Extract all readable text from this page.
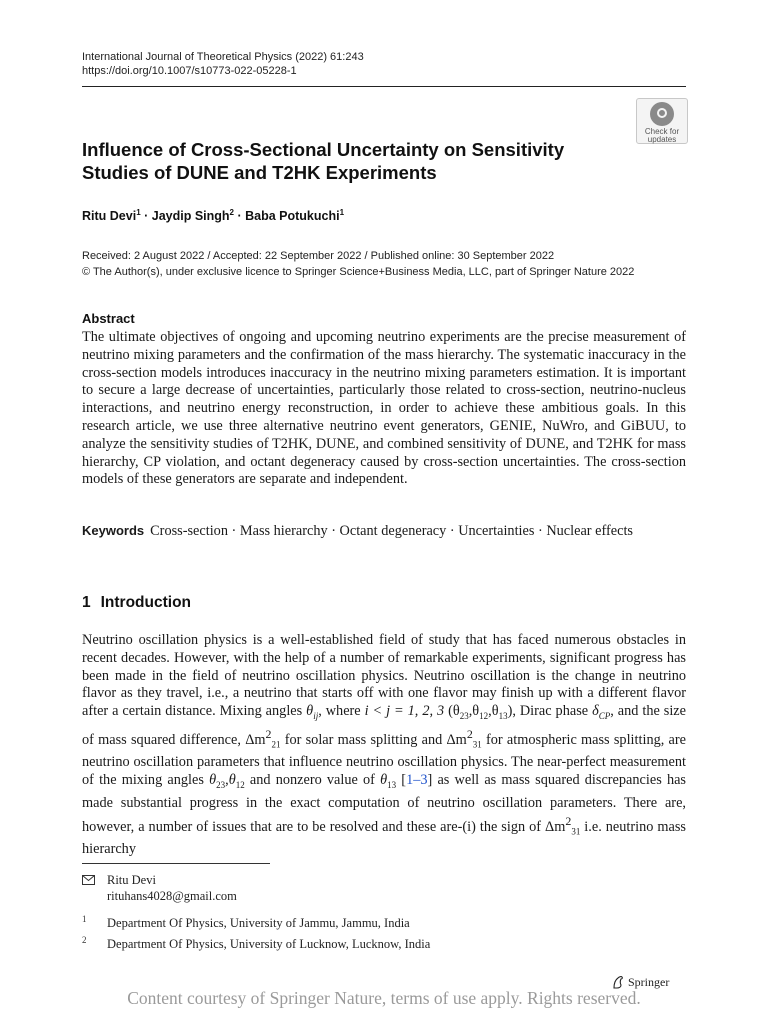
International Journal of Theoretical Physics (2022) 61:243
https://doi.org/10.1007/s10773-022-05228-1
Check for
updates
Influence of Cross-Sectional Uncertainty on Sensitivity Studies of DUNE and T2HK Experiments
Ritu Devi$^1$ · Jaydip Singh$^2$ · Baba Potukuchi$^1$
Received: 2 August 2022 / Accepted: 22 September 2022 / Published online: 30 September 2022
© The Author(s), under exclusive licence to Springer Science+Business Media, LLC, part of Springer Nature 2022
Abstract
The ultimate objectives of ongoing and upcoming neutrino experiments are the precise measurement of neutrino mixing parameters and the confirmation of the mass hierarchy. The systematic inaccuracy in the cross-section models introduces inaccuracy in the neutrino mixing parameters estimation. It is important to secure a large decrease of uncertainties, particularly those related to cross-section, neutrino-nucleus interactions, and neutrino energy reconstruction, in order to achieve these ambitious goals. In this research article, we use three alternative neutrino event generators, GENIE, NuWro, and GiBUU, to analyze the sensitivity studies of T2HK, DUNE, and combined sensitivity of DUNE, and T2HK for mass hierarchy, CP violation, and octant degeneracy caused by cross-section uncertainties. The cross-section models of these generators are separate and independent.
Keywords Cross-section · Mass hierarchy · Octant degeneracy · Uncertainties · Nuclear effects
1 Introduction
Neutrino oscillation physics is a well-established field of study that has faced numerous obstacles in recent decades. However, with the help of a number of remarkable experiments, significant progress has been made in the field of neutrino oscillation physics. Neutrino oscillation is the change in neutrino flavor as they travel, i.e., a neutrino that starts off with one flavor may finish up with a different flavor after a certain distance. Mixing angles $\theta_{ij}$, where i < j = 1, 2, 3 $(\theta_{23},\theta_{12},\theta_{13})$, Dirac phase $\delta_{CP}$, and the size of mass squared difference, $\Delta m^2_{21}$ for solar mass splitting and $\Delta m^2_{31}$ for atmospheric mass splitting, are neutrino oscillation parameters that influence neutrino oscillation physics. The near-perfect measurement of the mixing angles $\theta_{23},\theta_{12}$ and nonzero value of $\theta_{13}$ [1–3] as well as mass squared discrepancies has made substantial progress in the exact computation of neutrino oscillation parameters. There are, however, a number of issues that are to be resolved and these are-(i) the sign of $\Delta m^2_{31}$ i.e. neutrino mass hierarchy
Ritu Devi
rituhans4028@gmail.com
1 Department Of Physics, University of Jammu, Jammu, India
2 Department Of Physics, University of Lucknow, Lucknow, India
Springer
Content courtesy of Springer Nature, terms of use apply. Rights reserved.
